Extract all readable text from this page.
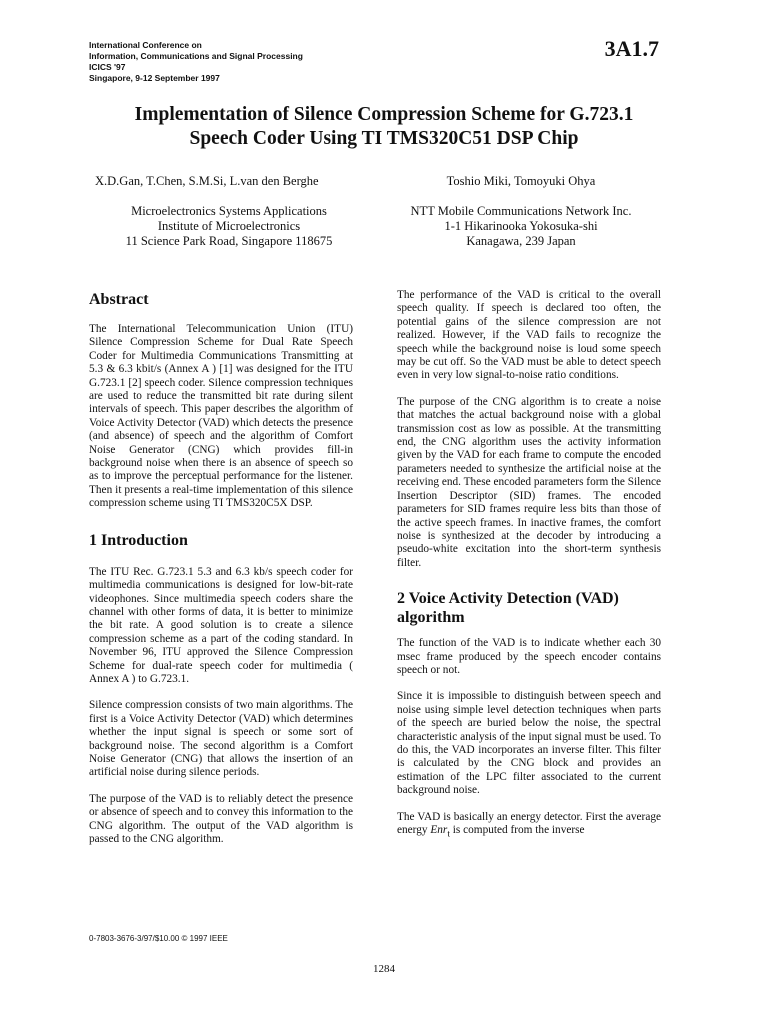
International Conference on
Information, Communications and Signal Processing
ICICS '97
Singapore, 9-12 September 1997
3A1.7
Implementation of Silence Compression Scheme for G.723.1
Speech Coder Using TI TMS320C51 DSP Chip
X.D.Gan, T.Chen, S.M.Si, L.van den Berghe	Toshio Miki, Tomoyuki Ohya
Microelectronics Systems Applications
Institute of Microelectronics
11 Science Park Road, Singapore 118675
NTT Mobile Communications Network Inc.
1-1 Hikarinooka Yokosuka-shi
Kanagawa, 239 Japan
Abstract

The International Telecommunication Union (ITU) Silence Compression Scheme for Dual Rate Speech Coder for Multimedia Communications Transmitting at 5.3 & 6.3 kbit/s (Annex A ) [1] was designed for the ITU G.723.1 [2] speech coder. Silence compression techniques are used to reduce the transmitted bit rate during silent intervals of speech. This paper describes the algorithm of Voice Activity Detector (VAD) which detects the presence (and absence) of speech and the algorithm of Comfort Noise Generator (CNG) which provides fill-in background noise when there is an absence of speech so as to improve the perceptual performance for the listener. Then it presents a real-time implementation of this silence compression scheme using TI TMS320C5X DSP.

1 Introduction

The ITU Rec. G.723.1 5.3 and 6.3 kb/s speech coder for multimedia communications is designed for low-bit-rate videophones. Since multimedia speech coders share the channel with other forms of data, it is better to minimize the bit rate. A good solution is to create a silence compression scheme as a part of the coding standard. In November 96, ITU approved the Silence Compression Scheme for dual-rate speech coder for multimedia ( Annex A ) to G.723.1.

Silence compression consists of two main algorithms. The first is a Voice Activity Detector (VAD) which determines whether the input signal is speech or some sort of background noise. The second algorithm is a Comfort Noise Generator (CNG) that allows the insertion of an artificial noise during silence periods.

The purpose of the VAD is to reliably detect the presence or absence of speech and to convey this information to the CNG algorithm. The output of the VAD algorithm is passed to the CNG algorithm.

The performance of the VAD is critical to the overall speech quality. If speech is declared too often, the potential gains of the silence compression are not realized. However, if the VAD fails to recognize the speech while the background noise is loud some speech may be cut off. So the VAD must be able to detect speech even in very low signal-to-noise ratio conditions.

The purpose of the CNG algorithm is to create a noise that matches the actual background noise with a global transmission cost as low as possible. At the transmitting end, the CNG algorithm uses the activity information given by the VAD for each frame to compute the encoded parameters needed to synthesize the artificial noise at the receiving end. These encoded parameters form the Silence Insertion Descriptor (SID) frames. The encoded parameters for SID frames require less bits than those of the active speech frames. In inactive frames, the comfort noise is synthesized at the decoder by introducing a pseudo-white excitation into the short-term synthesis filter.

2 Voice Activity Detection (VAD) algorithm

The function of the VAD is to indicate whether each 30 msec frame produced by the speech encoder contains speech or not.

Since it is impossible to distinguish between speech and noise using simple level detection techniques when parts of the speech are buried below the noise, the spectral characteristic analysis of the input signal must be used. To do this, the VAD incorporates an inverse filter. This filter is calculated by the CNG block and provides an estimation of the LPC filter associated to the current background noise.

The VAD is basically an energy detector. First the average energy Enr$_t$ is computed from the inverse

0-7803-3676-3/97/$10.00 © 1997 IEEE
1284
